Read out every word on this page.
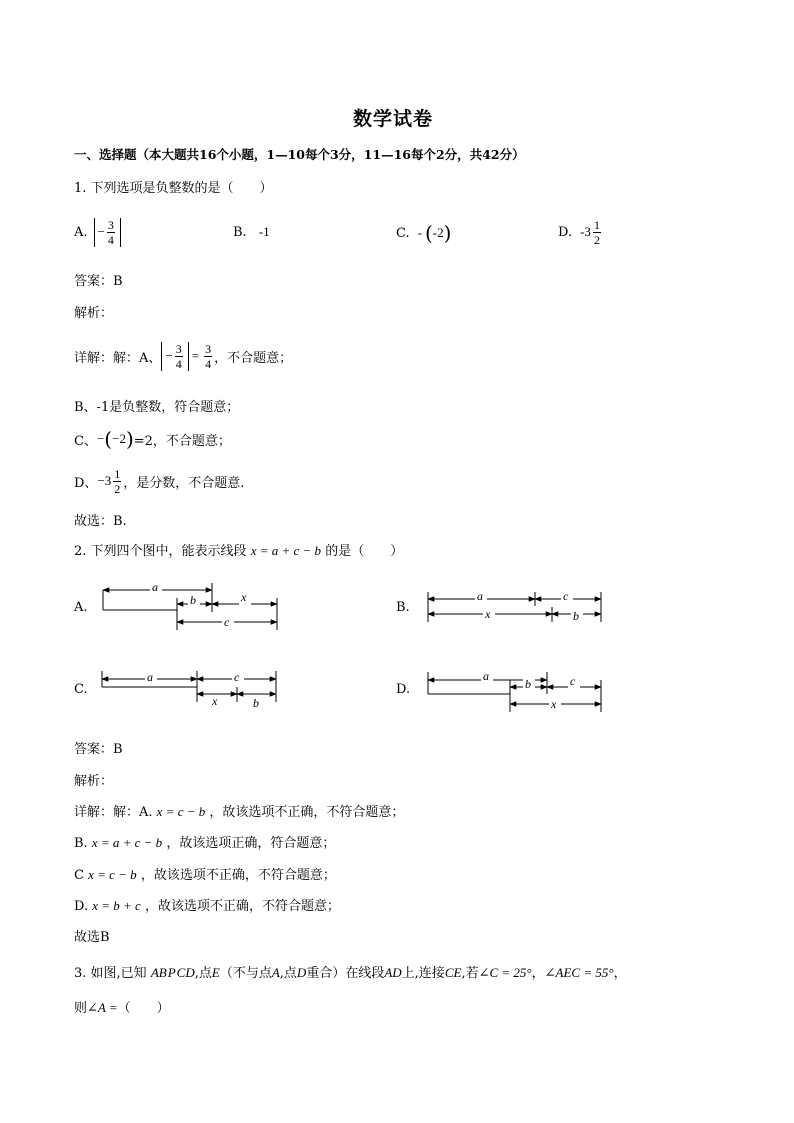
数学试卷
一、选择题（本大题共16个小题，1—10每个3分，11—16每个2分，共42分）
1. 下列选项是负整数的是（　　）
A. − $\frac{3}{4}$	B. -1	C. - ( -2 )	D. $-3 \frac{1}{2}$
答案：B
解析：
详解：解：A、 − $\frac{3}{4} = \frac{3}{4}$ ，不合题意；
B、-1是负整数，符合题意；
C、 − ( −2 ) =2，不合题意；
D、 $-3 \frac{1}{2}$ ，是分数，不合题意.
故选：B.
2. 下列四个图中，能表示线段 x = a + c − b 的是（　　）
A.	B.
C.	D.
a
b	x
c
a	c
x	b
a	c
x	b
a
b	c
x
答案：B
解析：
详解：解：A. x = c − b ，故该选项不正确，不符合题意；
B. x = a + c − b ，故该选项正确，符合题意；
C x = c − b ，故该选项不正确，不符合题意；
D. x = b + c ，故该选项不正确，不符合题意；
故选B
3. 如图,已知 ABPCD,点E（不与点A,点D重合）在线段AD上,连接CE,若∠C = 25°，∠AEC = 55°，
则∠A =（　　）
